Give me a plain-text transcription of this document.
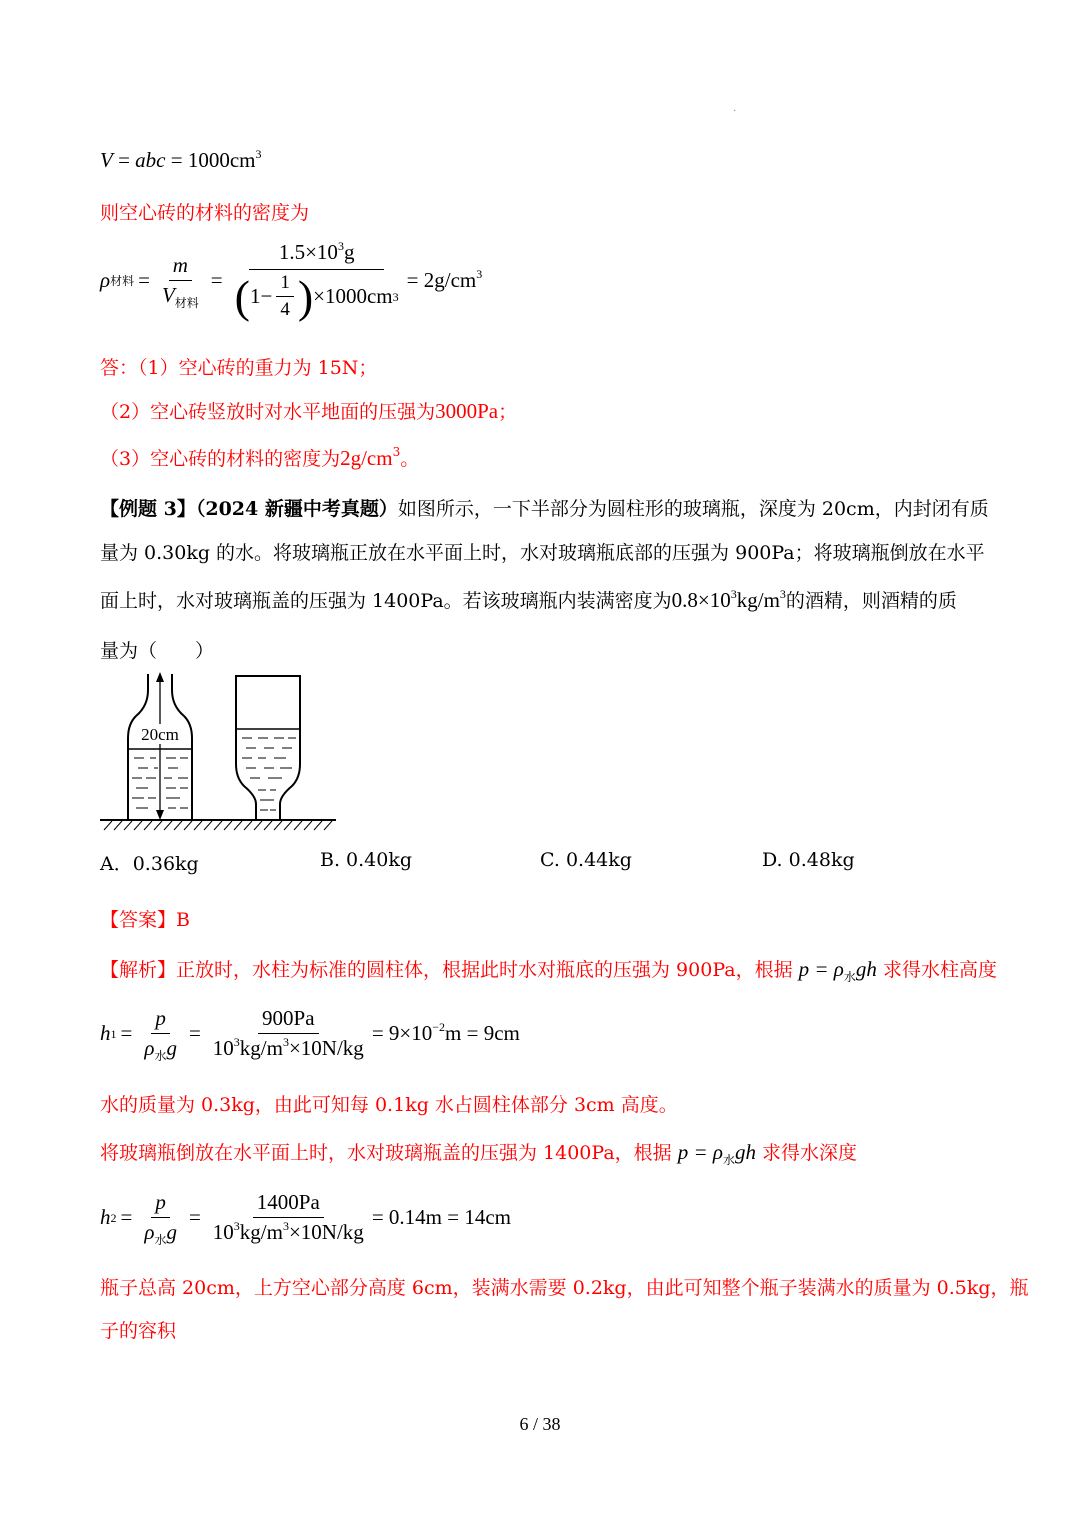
·
V = abc = $1000cm^3$
则空心砖的材料的密度为
ρ 材料 = $\frac{m}{V_{材料}}$ =
$1.5\times 10^3g$
( $1- \frac{1}{4}$ ) ×1000cm 3
= $2g/cm^3$
答：（1）空心砖的重力为 15N；
（2）空心砖竖放时对水平地面的压强为3000Pa；
（3）空心砖的材料的密度为$2g/cm^3$。
【例题 3】（2024 新疆中考真题）如图所示，一下半部分为圆柱形的玻璃瓶，深度为 20cm，内封闭有质
量为 0.30kg 的水。将玻璃瓶正放在水平面上时，水对玻璃瓶底部的压强为 900Pa；将玻璃瓶倒放在水平
面上时，水对玻璃瓶盖的压强为 1400Pa。若该玻璃瓶内装满密度为$0.8\times 10^3kg/m^3$的酒精，则酒精的质
量为（　　）
20cm
A．0.36kg	B. 0.40kg	C. 0.44kg	D. 0.48kg
【答案】B
【解析】正放时，水柱为标准的圆柱体，根据此时水对瓶底的压强为 900Pa，根据 $p = \rho_水gh$ 求得水柱高度
h $1 = \frac{p}{\rho_水g} = \frac{900Pa}{10^3kg/m^3\times 10N/kg} = 9\times 10^{-2}m = 9cm$
水的质量为 0.3kg，由此可知每 0.1kg 水占圆柱体部分 3cm 高度。
将玻璃瓶倒放在水平面上时，水对玻璃瓶盖的压强为 1400Pa，根据 $p = \rho_水gh$ 求得水深度
h $2 = \frac{p}{\rho_水g} = \frac{1400Pa}{10^3kg/m^3\times 10N/kg} = 0.14m = 14cm$
瓶子总高 20cm，上方空心部分高度 6cm，装满水需要 0.2kg，由此可知整个瓶子装满水的质量为 0.5kg，瓶
子的容积
6 / 38
